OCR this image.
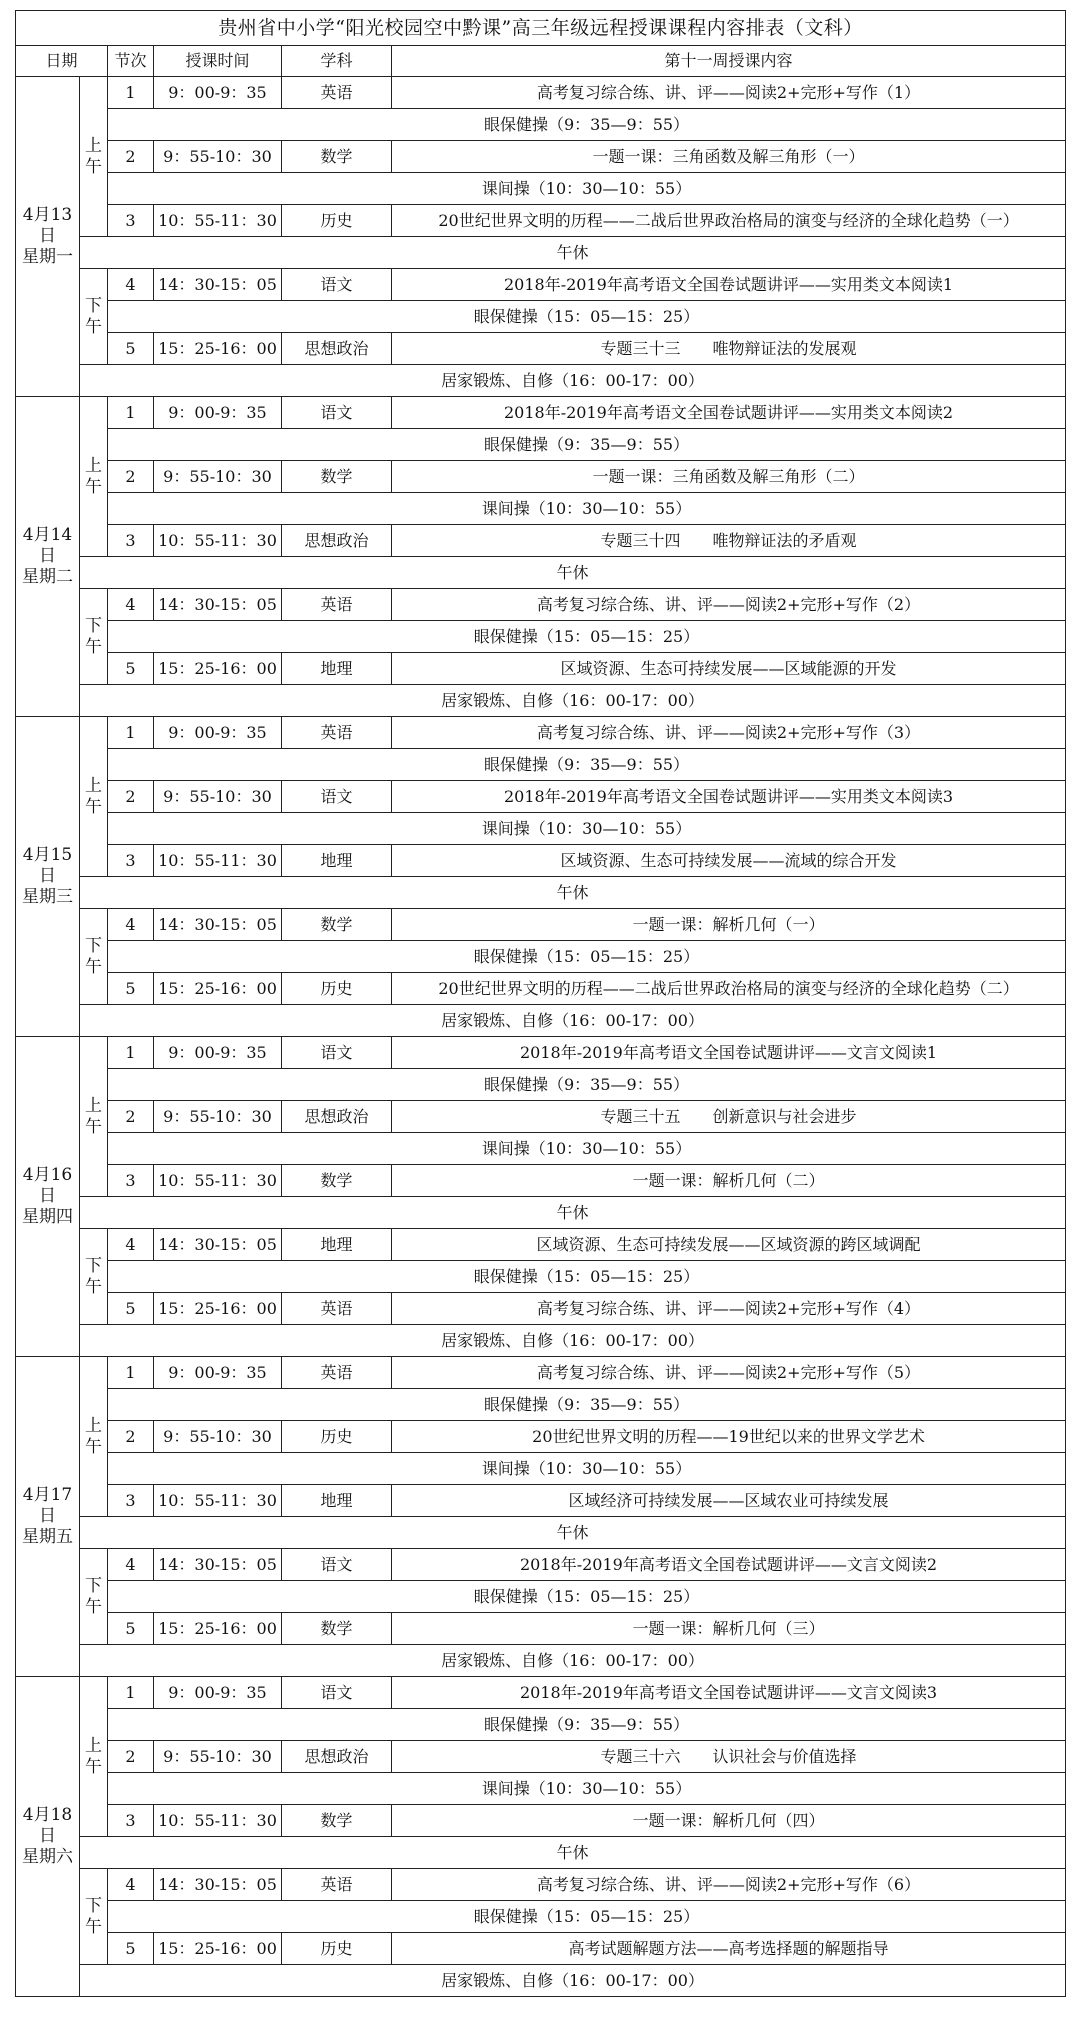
贵州省中小学“阳光校园空中黔课”高三年级远程授课课程内容排表（文科）					
日期		节次	授课时间	学科	第十一周授课内容

4月13
日
星期一	上午	1	9：00-9：35	英语	高考复习综合练、讲、评——阅读2+完形+写作（1）
		眼保健操（9：35—9：55）			
		2	9：55-10：30	数学	一题一课：三角函数及解三角形（一）
		课间操（10：30—10：55）			
		3	10：55-11：30	历史	20世纪世界文明的历程——二战后世界政治格局的演变与经济的全球化趋势（一）
	午休				
	下午	4	14：30-15：05	语文	2018年-2019年高考语文全国卷试题讲评——实用类文本阅读1
		眼保健操（15：05—15：25）			
		5	15：25-16：00	思想政治	专题三十三　　唯物辩证法的发展观
	居家锻炼、自修（16：00-17：00）				

4月14
日
星期二	上午	1	9：00-9：35	语文	2018年-2019年高考语文全国卷试题讲评——实用类文本阅读2
		眼保健操（9：35—9：55）			
		2	9：55-10：30	数学	一题一课：三角函数及解三角形（二）
		课间操（10：30—10：55）			
		3	10：55-11：30	思想政治	专题三十四　　唯物辩证法的矛盾观
	午休				
	下午	4	14：30-15：05	英语	高考复习综合练、讲、评——阅读2+完形+写作（2）
		眼保健操（15：05—15：25）			
		5	15：25-16：00	地理	区域资源、生态可持续发展——区域能源的开发
	居家锻炼、自修（16：00-17：00）				

4月15
日
星期三	上午	1	9：00-9：35	英语	高考复习综合练、讲、评——阅读2+完形+写作（3）
		眼保健操（9：35—9：55）			
		2	9：55-10：30	语文	2018年-2019年高考语文全国卷试题讲评——实用类文本阅读3
		课间操（10：30—10：55）			
		3	10：55-11：30	地理	区域资源、生态可持续发展——流域的综合开发
	午休				
	下午	4	14：30-15：05	数学	一题一课：解析几何（一）
		眼保健操（15：05—15：25）			
		5	15：25-16：00	历史	20世纪世界文明的历程——二战后世界政治格局的演变与经济的全球化趋势（二）
	居家锻炼、自修（16：00-17：00）				

4月16
日
星期四	上午	1	9：00-9：35	语文	2018年-2019年高考语文全国卷试题讲评——文言文阅读1
		眼保健操（9：35—9：55）			
		2	9：55-10：30	思想政治	专题三十五　　创新意识与社会进步
		课间操（10：30—10：55）			
		3	10：55-11：30	数学	一题一课：解析几何（二）
	午休				
	下午	4	14：30-15：05	地理	区域资源、生态可持续发展——区域资源的跨区域调配
		眼保健操（15：05—15：25）			
		5	15：25-16：00	英语	高考复习综合练、讲、评——阅读2+完形+写作（4）
	居家锻炼、自修（16：00-17：00）				

4月17
日
星期五	上午	1	9：00-9：35	英语	高考复习综合练、讲、评——阅读2+完形+写作（5）
		眼保健操（9：35—9：55）			
		2	9：55-10：30	历史	20世纪世界文明的历程——19世纪以来的世界文学艺术
		课间操（10：30—10：55）			
		3	10：55-11：30	地理	区域经济可持续发展——区域农业可持续发展
	午休				
	下午	4	14：30-15：05	语文	2018年-2019年高考语文全国卷试题讲评——文言文阅读2
		眼保健操（15：05—15：25）			
		5	15：25-16：00	数学	一题一课：解析几何（三）
	居家锻炼、自修（16：00-17：00）				

4月18
日
星期六	上午	1	9：00-9：35	语文	2018年-2019年高考语文全国卷试题讲评——文言文阅读3
		眼保健操（9：35—9：55）			
		2	9：55-10：30	思想政治	专题三十六　　认识社会与价值选择
		课间操（10：30—10：55）			
		3	10：55-11：30	数学	一题一课：解析几何（四）
	午休				
	下午	4	14：30-15：05	英语	高考复习综合练、讲、评——阅读2+完形+写作（6）
		眼保健操（15：05—15：25）			
		5	15：25-16：00	历史	高考试题解题方法——高考选择题的解题指导
	居家锻炼、自修（16：00-17：00）				
